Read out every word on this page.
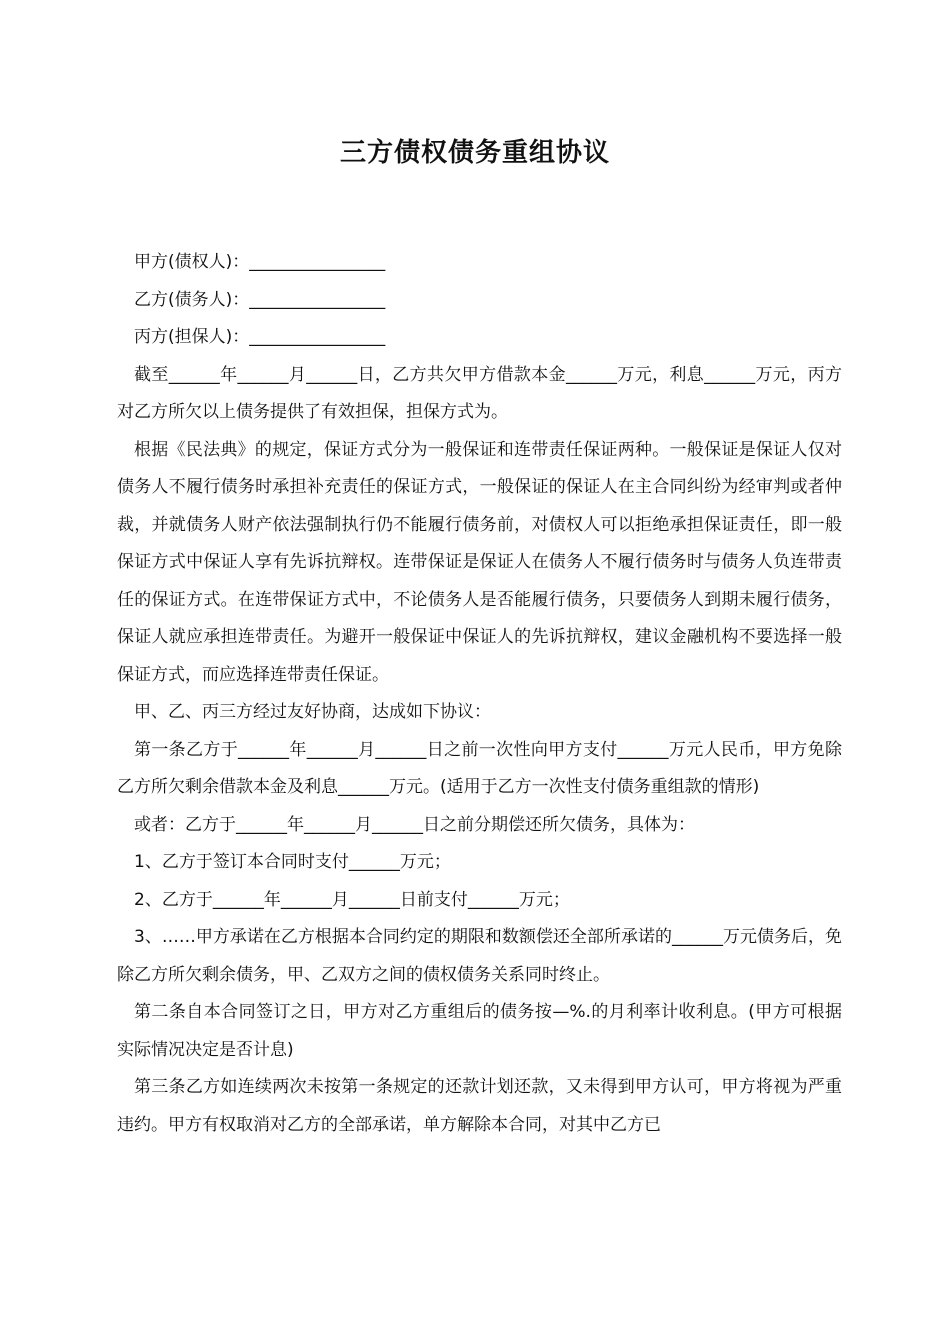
三方债权债务重组协议

甲方(债权人)：________________

乙方(债务人)：________________

丙方(担保人)：________________

截至______年______月______日，乙方共欠甲方借款本金______万元，利息______万元，丙方对乙方所欠以上债务提供了有效担保，担保方式为。

根据《民法典》的规定，保证方式分为一般保证和连带责任保证两种。一般保证是保证人仅对债务人不履行债务时承担补充责任的保证方式，一般保证的保证人在主合同纠纷为经审判或者仲裁，并就债务人财产依法强制执行仍不能履行债务前，对债权人可以拒绝承担保证责任，即一般保证方式中保证人享有先诉抗辩权。连带保证是保证人在债务人不履行债务时与债务人负连带责任的保证方式。在连带保证方式中，不论债务人是否能履行债务，只要债务人到期未履行债务，保证人就应承担连带责任。为避开一般保证中保证人的先诉抗辩权，建议金融机构不要选择一般保证方式，而应选择连带责任保证。

甲、乙、丙三方经过友好协商，达成如下协议：

第一条乙方于______年______月______日之前一次性向甲方支付______万元人民币，甲方免除乙方所欠剩余借款本金及利息______万元。(适用于乙方一次性支付债务重组款的情形)

或者：乙方于______年______月______日之前分期偿还所欠债务，具体为：

1、乙方于签订本合同时支付______万元；

2、乙方于______年______月______日前支付______万元；

3、……甲方承诺在乙方根据本合同约定的期限和数额偿还全部所承诺的______万元债务后，免除乙方所欠剩余债务，甲、乙双方之间的债权债务关系同时终止。

第二条自本合同签订之日，甲方对乙方重组后的债务按—%.的月利率计收利息。(甲方可根据实际情况决定是否计息)

第三条乙方如连续两次未按第一条规定的还款计划还款，又未得到甲方认可，甲方将视为严重违约。甲方有权取消对乙方的全部承诺，单方解除本合同，对其中乙方已
